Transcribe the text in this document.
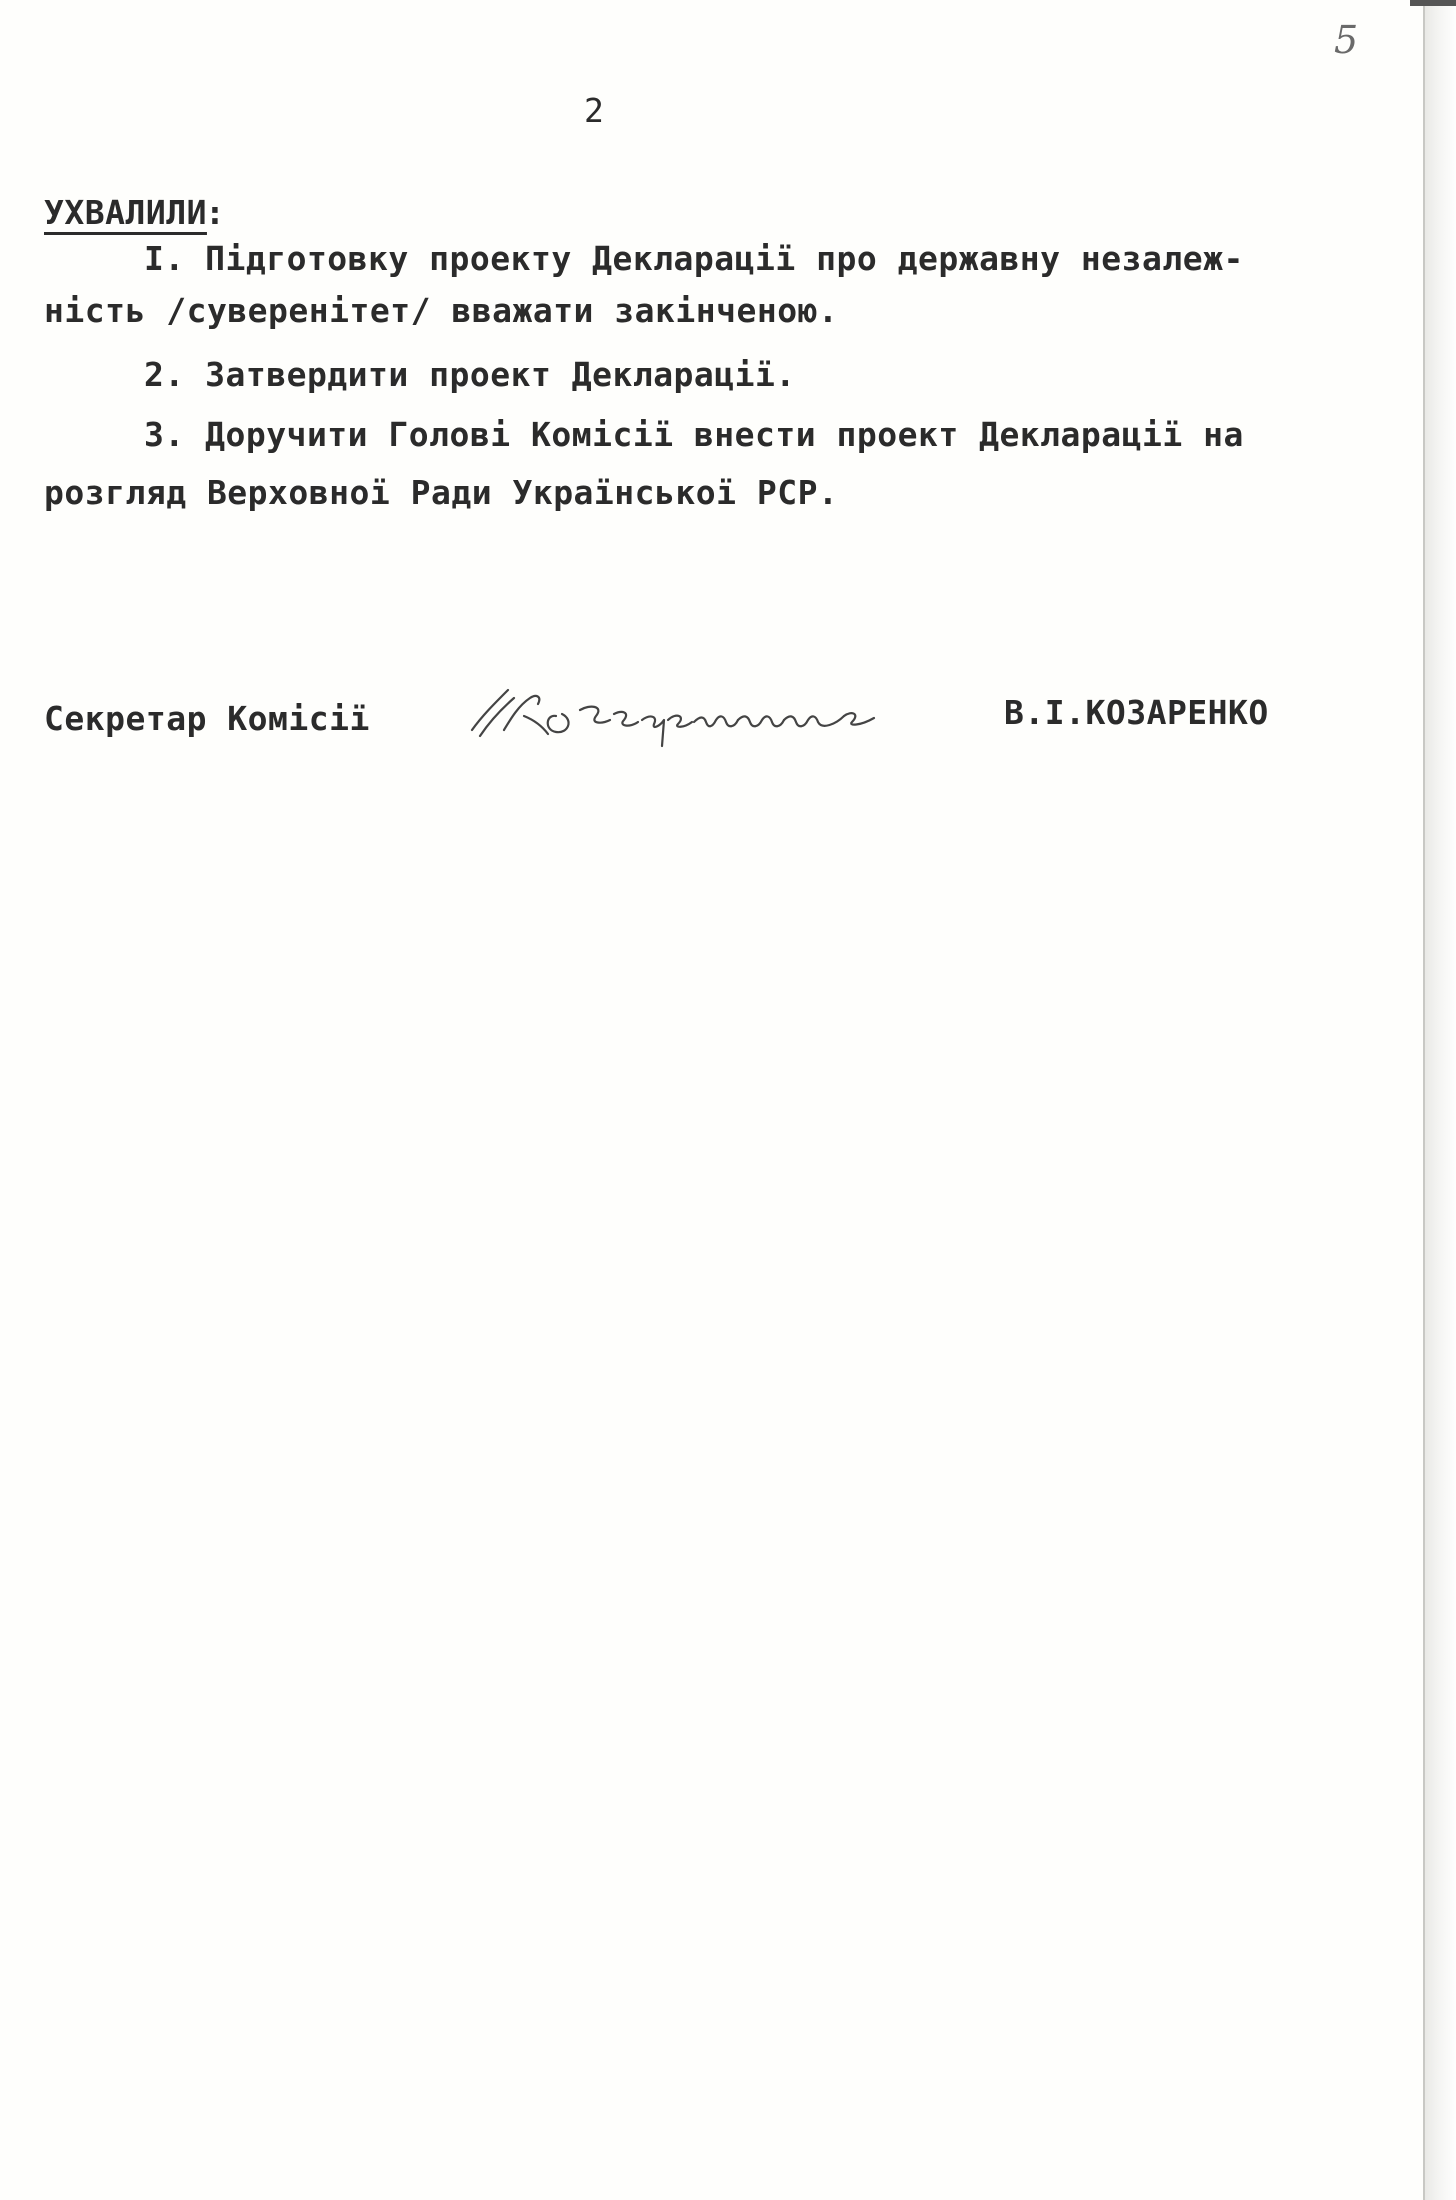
5
2
УХВАЛИЛИ
:
I. Підготовку проекту Декларації про державну незалеж-
ність /суверенітет/ вважати закінченою.
2. Затвердити проект Декларації.
3. Доручити Голові Комісії внести проект Декларації на
розгляд Верховної Ради Української РСР.
Секретар Комісії	В.І.КОЗАРЕНКО
